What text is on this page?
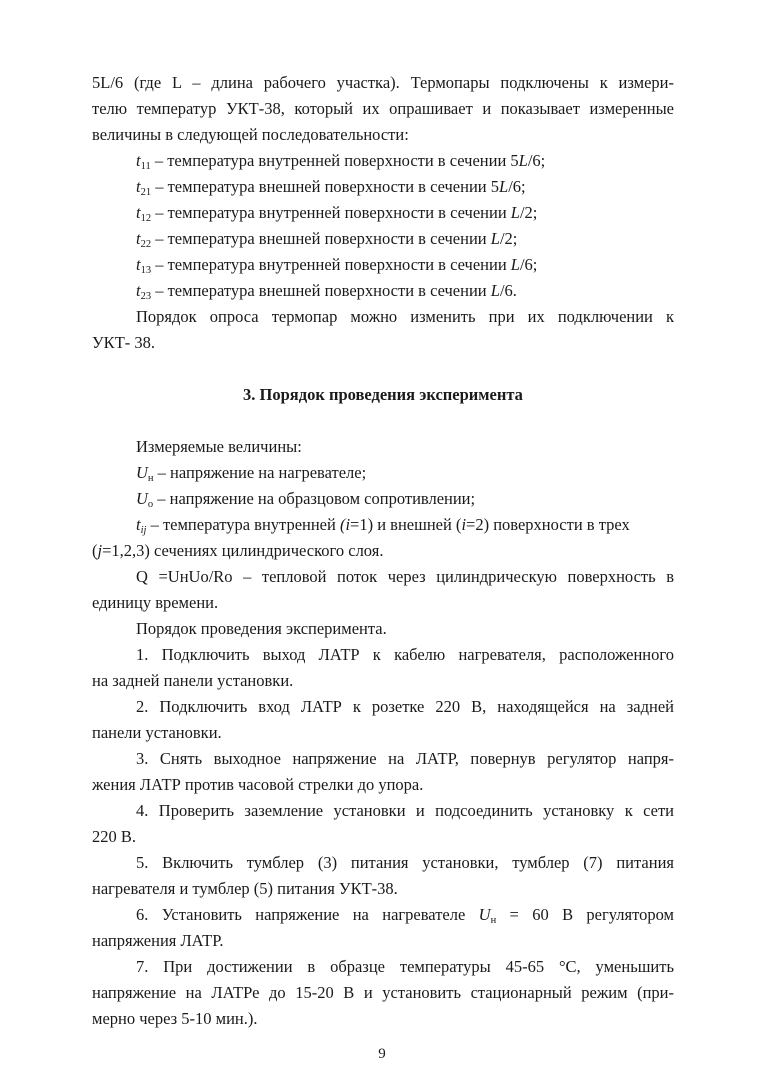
5L/6 (где L – длина рабочего участка). Термопары подключены к измери-
телю температур УКТ-38, который их опрашивает и показывает измеренные
величины в следующей последовательности:
$t_{11}$ – температура внутренней поверхности в сечении 5L/6;
$t_{21}$ – температура внешней поверхности в сечении 5L/6;
$t_{12}$ – температура внутренней поверхности в сечении L/2;
$t_{22}$ – температура внешней поверхности в сечении L/2;
$t_{13}$ – температура внутренней поверхности в сечении L/6;
$t_{23}$ – температура внешней поверхности в сечении L/6.
Порядок опроса термопар можно изменить при их подключении к
УКТ- 38.
3. Порядок проведения эксперимента
Измеряемые величины:
$U_н$ – напряжение на нагревателе;
$U_о$ – напряжение на образцовом сопротивлении;
$t_{ij}$ – температура внутренней (i=1) и внешней (i=2) поверхности в трех
(j=1,2,3) сечениях цилиндрического слоя.
Q =UнUо/Rо – тепловой поток через цилиндрическую поверхность в
единицу времени.
Порядок проведения эксперимента.
1. Подключить выход ЛАТР к кабелю нагревателя, расположенного
на задней панели установки.
2. Подключить вход ЛАТР к розетке 220 В, находящейся на задней
панели установки.
3. Снять выходное напряжение на ЛАТР, повернув регулятор напря-
жения ЛАТР против часовой стрелки до упора.
4. Проверить заземление установки и подсоединить установку к сети
220 В.
5. Включить тумблер (3) питания установки, тумблер (7) питания
нагревателя и тумблер (5) питания УКТ-38.
6. Установить напряжение на нагревателе $U_н = 60$ В регулятором
напряжения ЛАТР.
7. При достижении в образце температуры 45-65 °С, уменьшить
напряжение на ЛАТРе до 15-20 В и установить стационарный режим (при-
мерно через 5-10 мин.).
9
